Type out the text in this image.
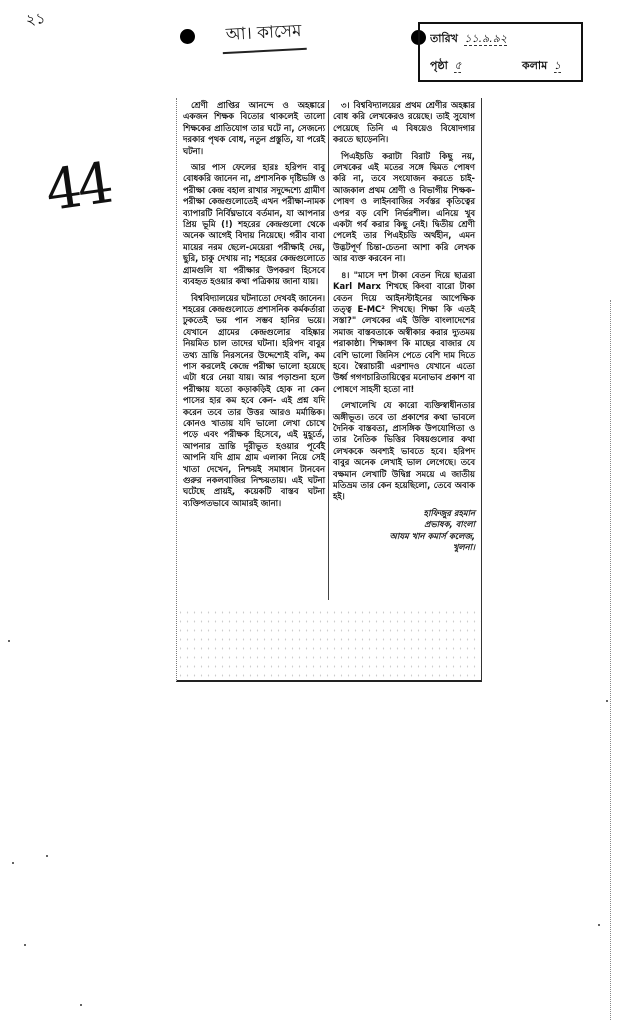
২১
আ। কাসেম	তারিখ ১১.৯.৯২
পৃষ্ঠা ৫	কলাম ১
44

শ্রেণী প্রাপ্তির আনন্দে ও অহঙ্কারে একজন শিক্ষক বিতোর থাকলেই তালো শিক্ষকের প্রাতিযোগ তার ঘটে না, সেজন্যে দরকার পৃথক বোধ, নতুন প্রস্তুতি, যা পরেই ঘটনা।

আর পাস ফেলের হারঃ হরিপদ বাবু বোধকরি জানেন না, প্রশাসনিক দৃষ্টিভঙ্গি ও পরীক্ষা কেন্দ্র বহাল রাখার সদুদ্দেশ্যে গ্রামীণ পরীক্ষা কেন্দ্রগুলোতেই এখন পরীক্ষা-নামক ব্যাপারটি নির্বিঘ্নভাবে বর্তমান, যা আপনার প্রিয় ভূমি (!) শহরের কেন্দ্রগুলো থেকে অনেক আগেই বিদায় নিয়েছে। গরীব বাবা মায়ের নরম ছেলে-মেয়েরা পরীক্ষাই দেয়, ছুরি, চাকু দেখায় না; শহরের কেন্দ্রগুলোতে গ্রামগুলি যা পরীক্ষার উপকরণ হিসেবে ব্যবহৃত হওয়ার কথা পত্রিকায় জানা যায়।

বিশ্ববিদ্যালয়ের ঘটনাতো দেখবই জানেন। শহরের কেন্দ্রগুলোতে প্রশাসনিক কর্মকর্তারা ঢুকতেই ভয় পান সম্ভব হানির ভয়ে। যেখানে গ্রামের কেন্দ্রগুলোর বহিষ্কার নিয়মিত চাল তাদের ঘটনা। হরিপদ বাবুর তথ্য ভ্রান্তি নিরসনের উদ্দেশ্যেই বলি, কম পাস করলেই কেন্দ্রে পরীক্ষা ভালো হয়েছে এটা ধরে নেয়া যায়। আর পড়াশুনা হলে পরীক্ষায় যতো কড়াকড়িই হোক না কেন পাসের হার কম হবে কেন- এই প্রশ্ন যদি করেন তবে তার উত্তর আরও মর্মান্তিক। কোনও খাতায় যদি ভালো লেখা চোখে পড়ে এবং পরীক্ষক হিসেবে, এই মুহূর্তে, আপনার ভ্রান্তি দূরীভূত হওয়ার পূর্বেই আপনি যদি গ্রাম গ্রাম এলাকা নিয়ে সেই খাতা দেখেন, নিশ্চয়ই সমাধান টানবেন গুরুর নকলবাজির নিশ্চয়তায়। এই ঘটনা ঘটেছে প্রায়ই, কয়েকটি বাস্তব ঘটনা ব্যক্তিগতভাবে আমারই জানা।

৩। বিশ্ববিদ্যালয়ের প্রথম শ্রেণীর অহঙ্কার বোধ করি লেখকেরও রয়েছে। তাই সুযোগ পেয়েছে তিনি এ বিষয়েও বিষোদগার করতে ছাড়েননি।

পিএইচডি করাটা বিরাট কিছু নয়, লেখকের এই মতের সঙ্গে দ্বিমত পোষণ করি না, তবে সংযোজন করতে চাই- আজকাল প্রথম শ্রেণী ও বিভাগীয় শিক্ষক-পোষণ ও লাইনবাজির সর্বস্তর কৃতিত্বের ওপর বড় বেশি নির্ভরশীল। এনিয়ে খুব একটা গর্ব করার কিছু নেই। দ্বিতীয় শ্রেণী পেলেই তার পিএইচডি অর্থহীন, এমন উদ্ভটপূর্ণ চিন্তা-চেতনা আশা করি লেখক আর ব্যক্ত করবেন না।

৪। "মাসে দশ টাকা বেতন দিয়ে ছাত্ররা Karl Marx শিখছে কিংবা বারো টাকা বেতন দিয়ে আইনস্টাইনের আপেক্ষিক তত্ত্ব E-MC² শিখছে। শিক্ষা কি এতই সস্তা?" লেখকের এই উক্তি বাংলাদেশের সমাজ বাস্তবতাকে অস্বীকার করার দ্যুতময় পরাকাষ্ঠা। শিক্ষাঙ্গণ কি মাছের বাজার যে বেশি ভালো জিনিস পেতে বেশি দাম দিতে হবে। স্বৈরাচারী এরশাদও যেখানে এতো উর্ধ্ব গগণচারিতায়িত্বের মনোভাব প্রকাশ বা পোষণে সাহসী হতো না!

লেখালেখি যে কারো ব্যক্তিস্বাধীনতার অঙ্গীভূত। তবে তা প্রকাশের কথা ভাবলে দৈনিক বাস্তবতা, প্রাসঙ্গিক উপযোগিতা ও তার নৈতিক ভিত্তির বিষয়গুলোর কথা লেখককে অবশ্যই ভাবতে হবে। হরিপদ বাবুর অনেক লেখাই ভাল লেগেছে। তবে বক্ষমান লেখাটি উদ্বিগ্ন সময়ে এ জাতীয় মতিভ্রম তার কেন হয়েছিলো, তেবে অবাক হই।

হাফিজুর রহমান
প্রভাষক, বাংলা
আযম খান কমার্স কলেজ,
খুলনা।
